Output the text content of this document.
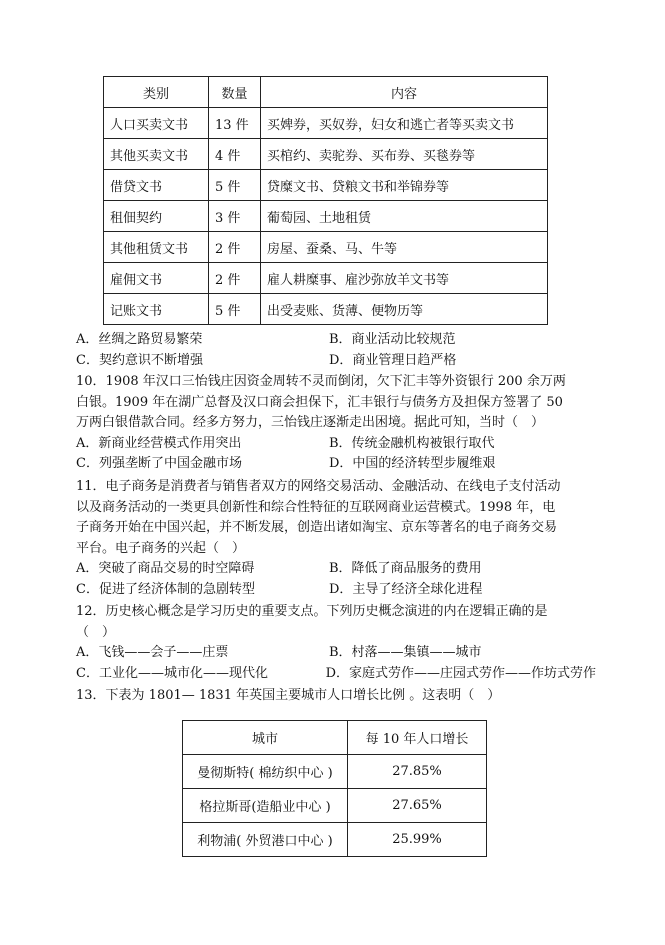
类别	数量	内容
人口买卖文书	13 件	买婢券，买奴券，妇女和逃亡者等买卖文书
其他买卖文书	4 件	买棺约、卖驼券、买布券、买毯券等
借贷文书	5 件	贷糜文书、贷粮文书和举锦券等
租佃契约	3 件	葡萄园、土地租赁
其他租赁文书	2 件	房屋、蚕桑、马、牛等
雇佣文书	2 件	雇人耕糜事、雇沙弥放羊文书等
记账文书	5 件	出受麦账、货薄、便物历等
A．丝绸之路贸易繁荣	B．商业活动比较规范
C．契约意识不断增强	D．商业管理日趋严格
10．1908 年汉口三怡钱庄因资金周转不灵而倒闭，欠下汇丰等外资银行 200 余万两
白银。1909 年在湖广总督及汉口商会担保下，汇丰银行与债务方及担保方签署了 50
万两白银借款合同。经多方努力，三怡钱庄逐渐走出困境。据此可知，当时（　）
A．新商业经营模式作用突出	B．传统金融机构被银行取代
C．列强垄断了中国金融市场	D．中国的经济转型步履维艰
11．电子商务是消费者与销售者双方的网络交易活动、金融活动、在线电子支付活动
以及商务活动的一类更具创新性和综合性特征的互联网商业运营模式。1998 年，电
子商务开始在中国兴起，并不断发展，创造出诸如淘宝、京东等著名的电子商务交易
平台。电子商务的兴起（　）
A．突破了商品交易的时空障碍	B．降低了商品服务的费用
C．促进了经济体制的急剧转型	D．主导了经济全球化进程
12．历史核心概念是学习历史的重要支点。下列历史概念演进的内在逻辑正确的是
（　）
A．飞钱——会子——庄票	B．村落——集镇——城市
C．工业化——城市化——现代化	D．家庭式劳作——庄园式劳作——作坊式劳作
13．下表为 1801— 1831 年英国主要城市人口增长比例 。这表明（　）
城市	每 10 年人口增长
曼彻斯特( 棉纺织中心 )	27.85%
格拉斯哥(造船业中心 )	27.65%
利物浦( 外贸港口中心 )	25.99%
